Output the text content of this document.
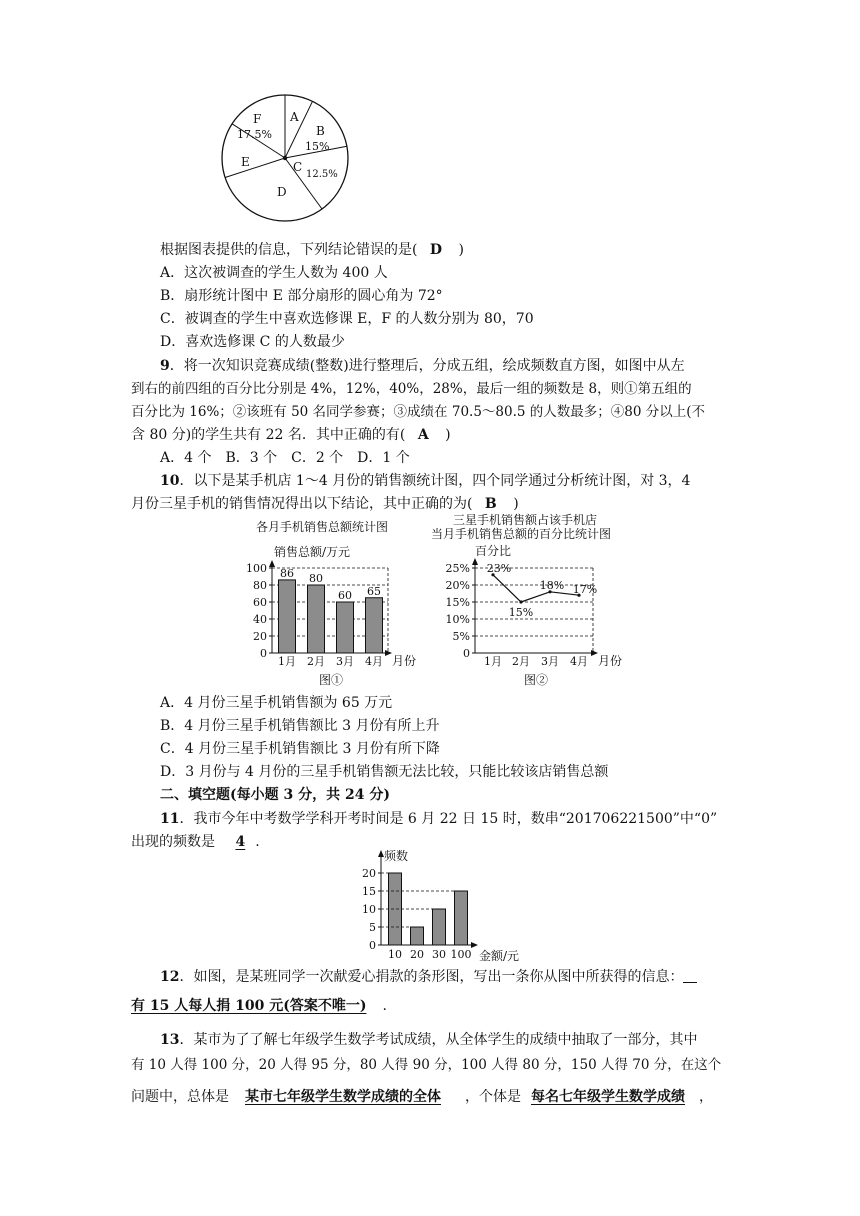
A
B
15%
C
12.5%
D
E
F
17.5%
根据图表提供的信息，下列结论错误的是( D )
A．这次被调查的学生人数为 400 人
B．扇形统计图中 E 部分扇形的圆心角为 72°
C．被调查的学生中喜欢选修课 E，F 的人数分别为 80，70
D．喜欢选修课 C 的人数最少
9．将一次知识竞赛成绩(整数)进行整理后，分成五组，绘成频数直方图，如图中从左
到右的前四组的百分比分别是 4%，12%，40%，28%，最后一组的频数是 8，则①第五组的
百分比为 16%；②该班有 50 名同学参赛；③成绩在 70.5～80.5 的人数最多；④80 分以上(不
含 80 分)的学生共有 22 名．其中正确的有( A )
A．4 个　B．3 个　C．2 个　D．1 个
10．以下是某手机店 1～4 月份的销售额统计图，四个同学通过分析统计图，对 3，4
月份三星手机的销售情况得出以下结论，其中正确的为( B )
各月手机销售总额统计图
销售总额/万元
月份
图①
0
20
40
60
80
100 86
1月
80
2月
60
3月
65
4月
三星手机销售额占该手机店
当月手机销售总额的百分比统计图
百分比
月份
图②
0
5%
10%
15%
20%
25% 23%
1月
15%
2月
18%
3月
17%
4月
A．4 月份三星手机销售额为 65 万元
B．4 月份三星手机销售额比 3 月份有所上升
C．4 月份三星手机销售额比 3 月份有所下降
D．3 月份与 4 月份的三星手机销售额无法比较，只能比较该店销售总额
二、填空题(每小题 3 分，共 24 分)
11．我市今年中考数学学科开考时间是 6 月 22 日 15 时，数串“201706221500”中“0”
出现的频数是 4 .
频数
金额/元
0
5
10
15
20
10 20 30 100
12．如图，是某班同学一次献爱心捐款的条形图，写出一条你从图中所获得的信息：
有 15 人每人捐 100 元(答案不唯一) .
13．某市为了了解七年级学生数学考试成绩，从全体学生的成绩中抽取了一部分，其中
有 10 人得 100 分，20 人得 95 分，80 人得 90 分，100 人得 80 分，150 人得 70 分，在这个
问题中，总体是 某市七年级学生数学成绩的全体 ，个体是 每名七年级学生数学成绩 ，
